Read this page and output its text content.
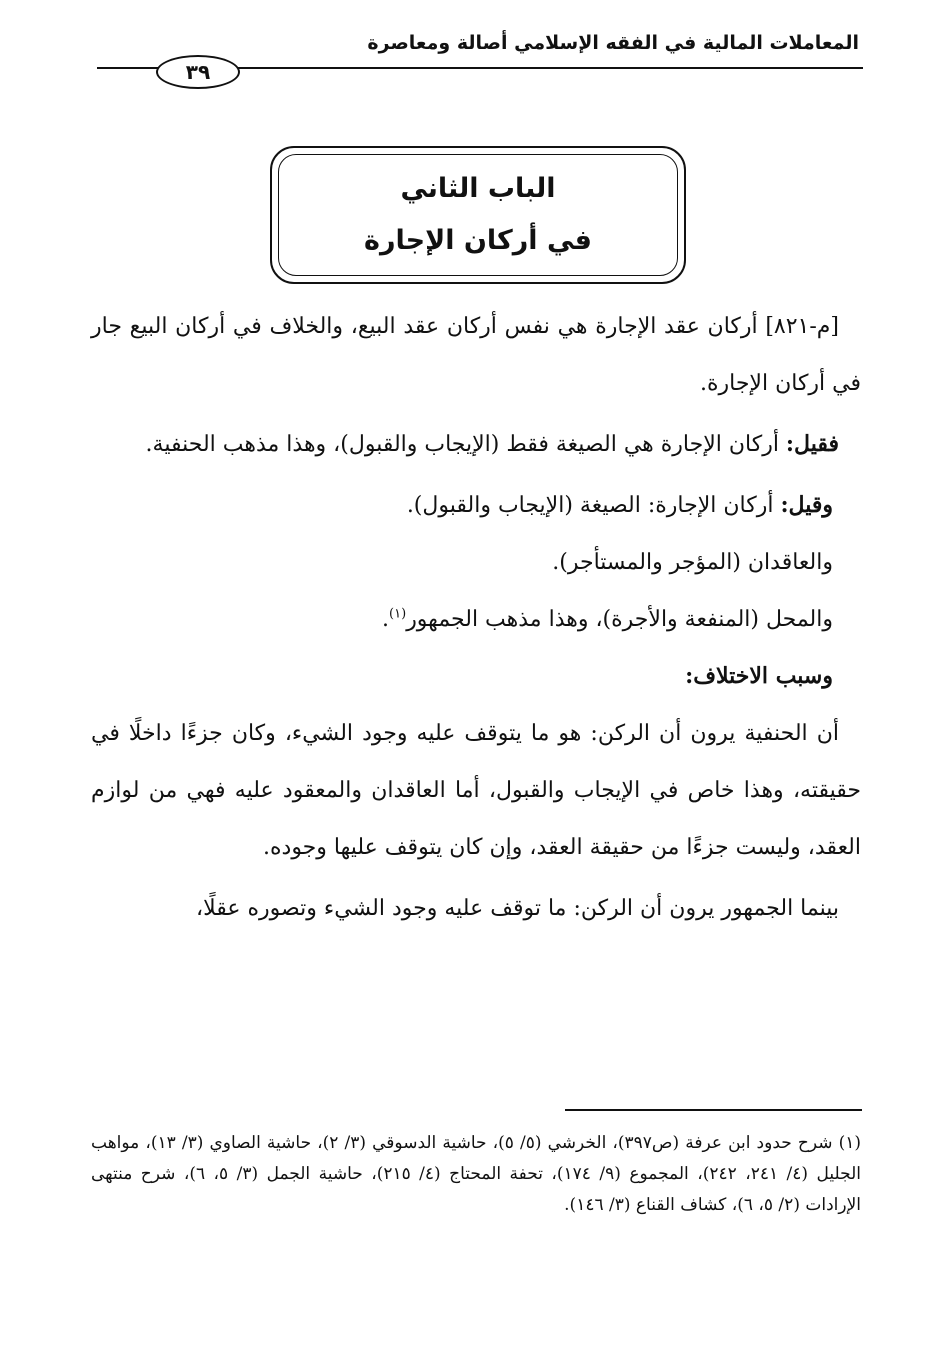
المعاملات المالية في الفقه الإسلامي أصالة ومعاصرة
٣٩
الباب الثاني
في أركان الإجارة

[م-٨٢١] أركان عقد الإجارة هي نفس أركان عقد البيع، والخلاف في أركان البيع جار في أركان الإجارة.

فقيل: أركان الإجارة هي الصيغة فقط (الإيجاب والقبول)، وهذا مذهب الحنفية.

وقيل: أركان الإجارة: الصيغة (الإيجاب والقبول).

والعاقدان (المؤجر والمستأجر).

والمحل (المنفعة والأجرة)، وهذا مذهب الجمهور$^{(١)}$.

وسبب الاختلاف:

أن الحنفية يرون أن الركن: هو ما يتوقف عليه وجود الشيء، وكان جزءًا داخلًا في حقيقته، وهذا خاص في الإيجاب والقبول، أما العاقدان والمعقود عليه فهي من لوازم العقد، وليست جزءًا من حقيقة العقد، وإن كان يتوقف عليها وجوده.

بينما الجمهور يرون أن الركن: ما توقف عليه وجود الشيء وتصوره عقلًا،

(١) شرح حدود ابن عرفة (ص٣٩٧)، الخرشي (٥/ ٥)، حاشية الدسوقي (٣/ ٢)، حاشية الصاوي (٣/ ١٣)، مواهب الجليل (٤/ ٢٤١، ٢٤٢)، المجموع (٩/ ١٧٤)، تحفة المحتاج (٤/ ٢١٥)، حاشية الجمل (٣/ ٥، ٦)، شرح منتهى الإرادات (٢/ ٥، ٦)، كشاف القناع (٣/ ١٤٦).
